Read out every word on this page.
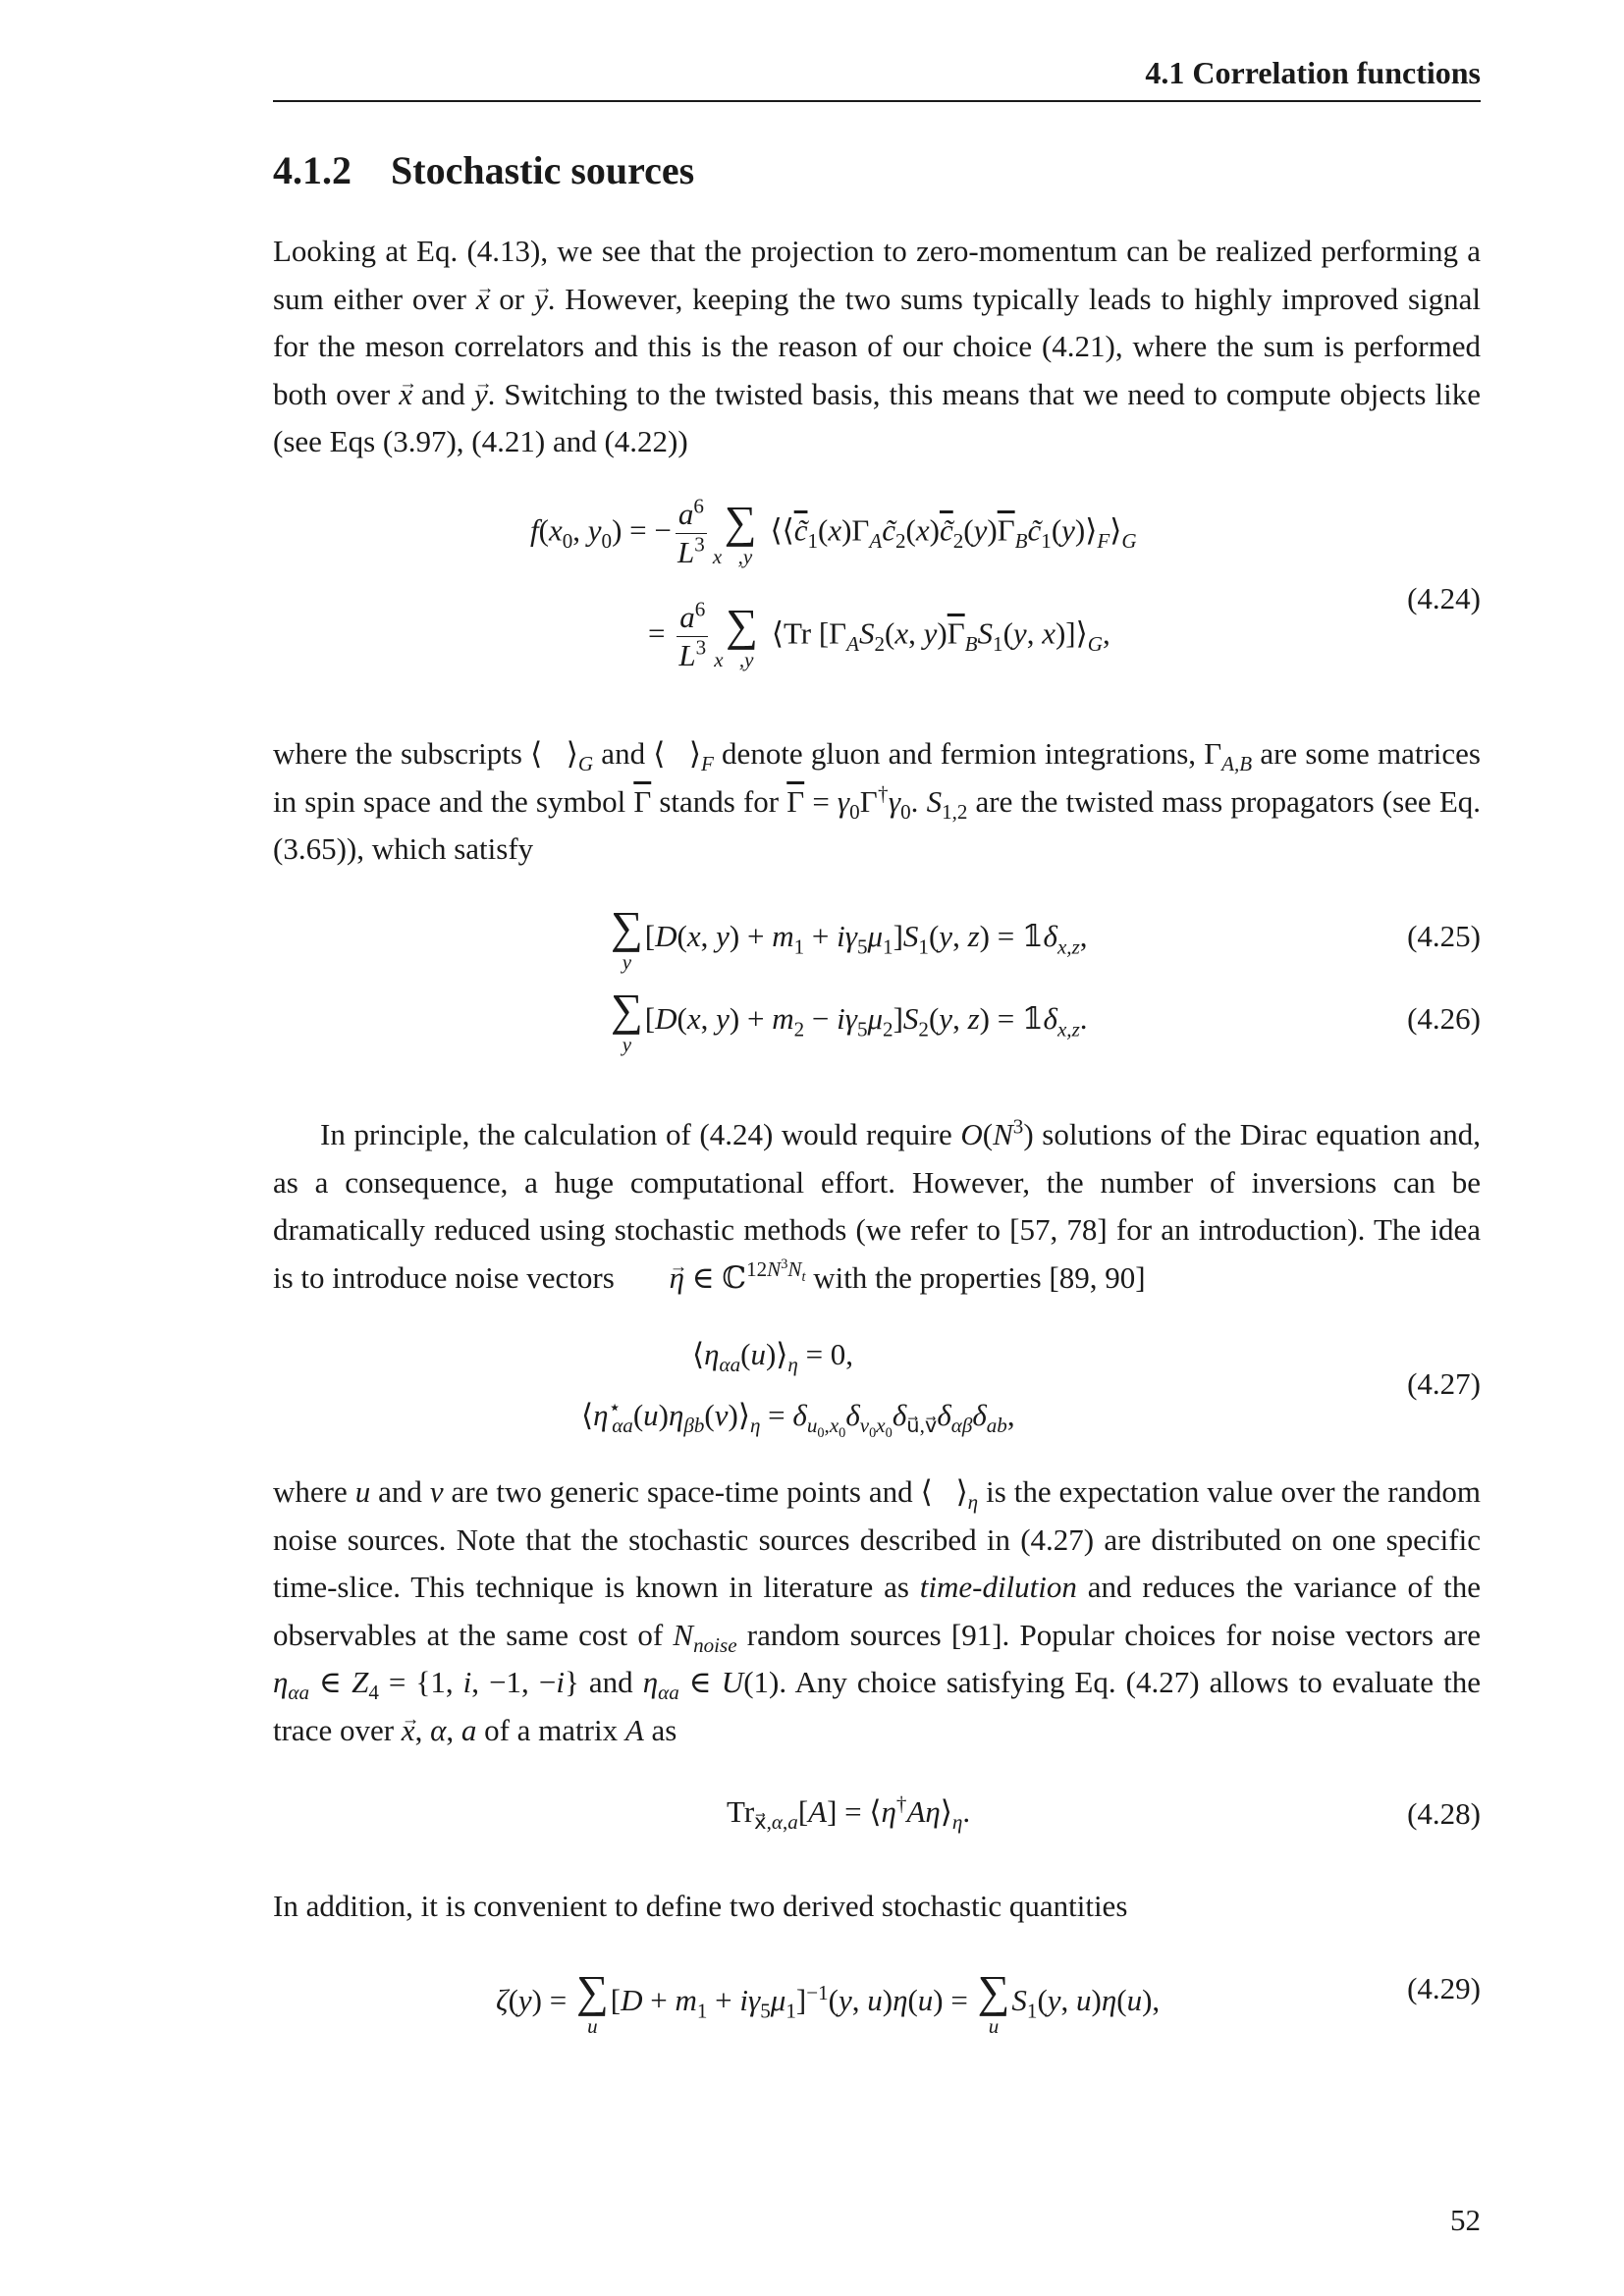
4.1 Correlation functions
4.1.2 Stochastic sources

Looking at Eq. (4.13), we see that the projection to zero-momentum can be realized performing a sum either over → x or → y. However, keeping the two sums typically leads to highly improved signal for the meson correlators and this is the reason of our choice (4.21), where the sum is performed both over → x and → y. Switching to the twisted basis, this means that we need to compute objects like (see Eqs (3.97), (4.21) and (4.22))

$f(x_0$, $y_0$) = − $\frac{a^6}{L^3}$ ∑
x⃗,y⃗
$⟨⟨c̃_1(x)\Gamma_Ac̃_2(x)c̃_2(y)\overline{\Gamma}_Bc̃_1(y)⟩_F⟩_G$
= $\frac{a^6}{L^3}$ ∑
x⃗,y⃗
⟨Tr [$\Gamma_AS_2(x$, $y)\overline{\Gamma}_BS_1(y$, $x)]⟩_G$,
(4.24)

where the subscripts ⟨   $⟩_G$ and ⟨   $⟩_F$ denote gluon and fermion integrations, $\Gamma_{A,B}$ are some matrices in spin space and the symbol $\overline{\Gamma}$ stands for $\overline{\Gamma} = \gamma_0\Gamma^\dagger\gamma_0$. $S_{1,2}$ are the twisted mass propagators (see Eq. (3.65)), which satisfy

∑
y
[D(x, $y) + m_1 + i\gamma_5\mu_1]S_1(y$, $z) = 𝟙\delta_{x,z}$,	(4.25)
∑
y
[D(x, $y) + m_2 - i\gamma_5\mu_2]S_2(y$, $z) = 𝟙\delta_{x,z}$.	(4.26)

In principle, the calculation of (4.24) would require $O(N^3)$ solutions of the Dirac equation and, as a consequence, a huge computational effort. However, the number of inversions can be dramatically reduced using stochastic methods (we refer to [57, 78] for an introduction). The idea is to introduce noise vectors → η ∈ ℂ$^{12N^3N_t}$ with the properties [89, 90]

$⟨\eta_{\alpha a}(u)⟩_\eta = 0$,
$⟨\eta^⋆_{\alpha a}(u)\eta_{\beta b}(v)⟩_\eta = \delta_{u_0,x_0}\delta_{v_0x_0}\delta_{u⃗,v⃗}\delta_{\alpha\beta}\delta_{ab}$,
(4.27)

where u and v are two generic space-time points and ⟨   $⟩_\eta$ is the expectation value over the random noise sources. Note that the stochastic sources described in (4.27) are distributed on one specific time-slice. This technique is known in literature as time-dilution and reduces the variance of the observables at the same cost of $N_{noise}$ random sources [91]. Popular choices for noise vectors are $\eta_{\alpha a}$ ∈ $Z_4 = \{1$, i, −1, −i} and $\eta_{\alpha a}$ ∈ U(1). Any choice satisfying Eq. (4.27) allows to evaluate the trace over → x, α, a of a matrix A as

$Tr_{x⃗,\alpha,a}[A]$ = $⟨\eta^\dagger A\eta⟩_\eta$.	(4.28)

In addition, it is convenient to define two derived stochastic quantities

ζ(y) = ∑
u
$[D + m_1 + i\gamma_5\mu_1]^{-1}(y$, u)η(u) = ∑
u
$S_1(y$, u)η(u),	(4.29)
52
